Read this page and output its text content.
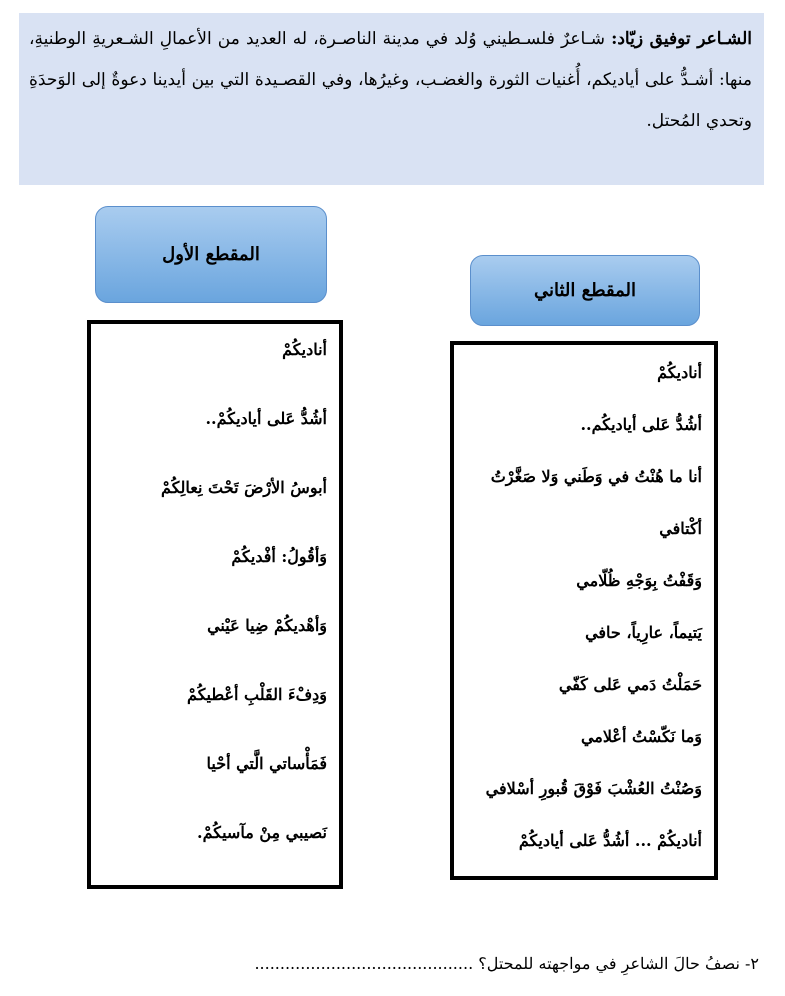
الشـاعر توفيق زيّاد: شـاعرٌ فلسـطيني وُلد في مدينة الناصـرة، له العديد من الأعمالِ الشـعريةِ الوطنيةِ، منها: أشـدُّ على أياديكم، أُغنيات الثورة والغضـب، وغيرُها، وفي القصـيدة التي بين أيدينا دعوةٌ إلى الوَحدَةِ وتحدي المُحتل.
المقطع الأول
المقطع الثاني
أناديكُمْ
أشُدُّ عَلى أياديكُمْ..
أبوسُ الأرْضَ تَحْتَ نِعالِكُمْ
وَأقُولُ: أفْديكُمْ
وَأهْديكُمْ ضِيا عَيْني
وَدِفْءَ القَلْبِ أعْطيكُمْ
فَمَأْساتي الَّتي أحْيا
نَصيبي مِنْ مآسيكُمْ.
أناديكُمْ
أشُدُّ عَلى أياديكُم..
أنا ما هُنْتُ في وَطَني وَلا صَغَّرْتُ
أكْتافي
وَقَفْتُ بِوَجْهِ ظُلّامي
يَتيماً، عارِياً، حافي
حَمَلْتُ دَمي عَلى كَفّي
وَما نَكّسْتُ أعْلامي
وَصُنْتُ العُشْبَ فَوْقَ قُبورِ أسْلافي
أناديكُمْ ... أشُدُّ عَلى أياديكُمْ
٢- نصفُ حالَ الشاعرِ في مواجهته للمحتل؟ ...........................................
